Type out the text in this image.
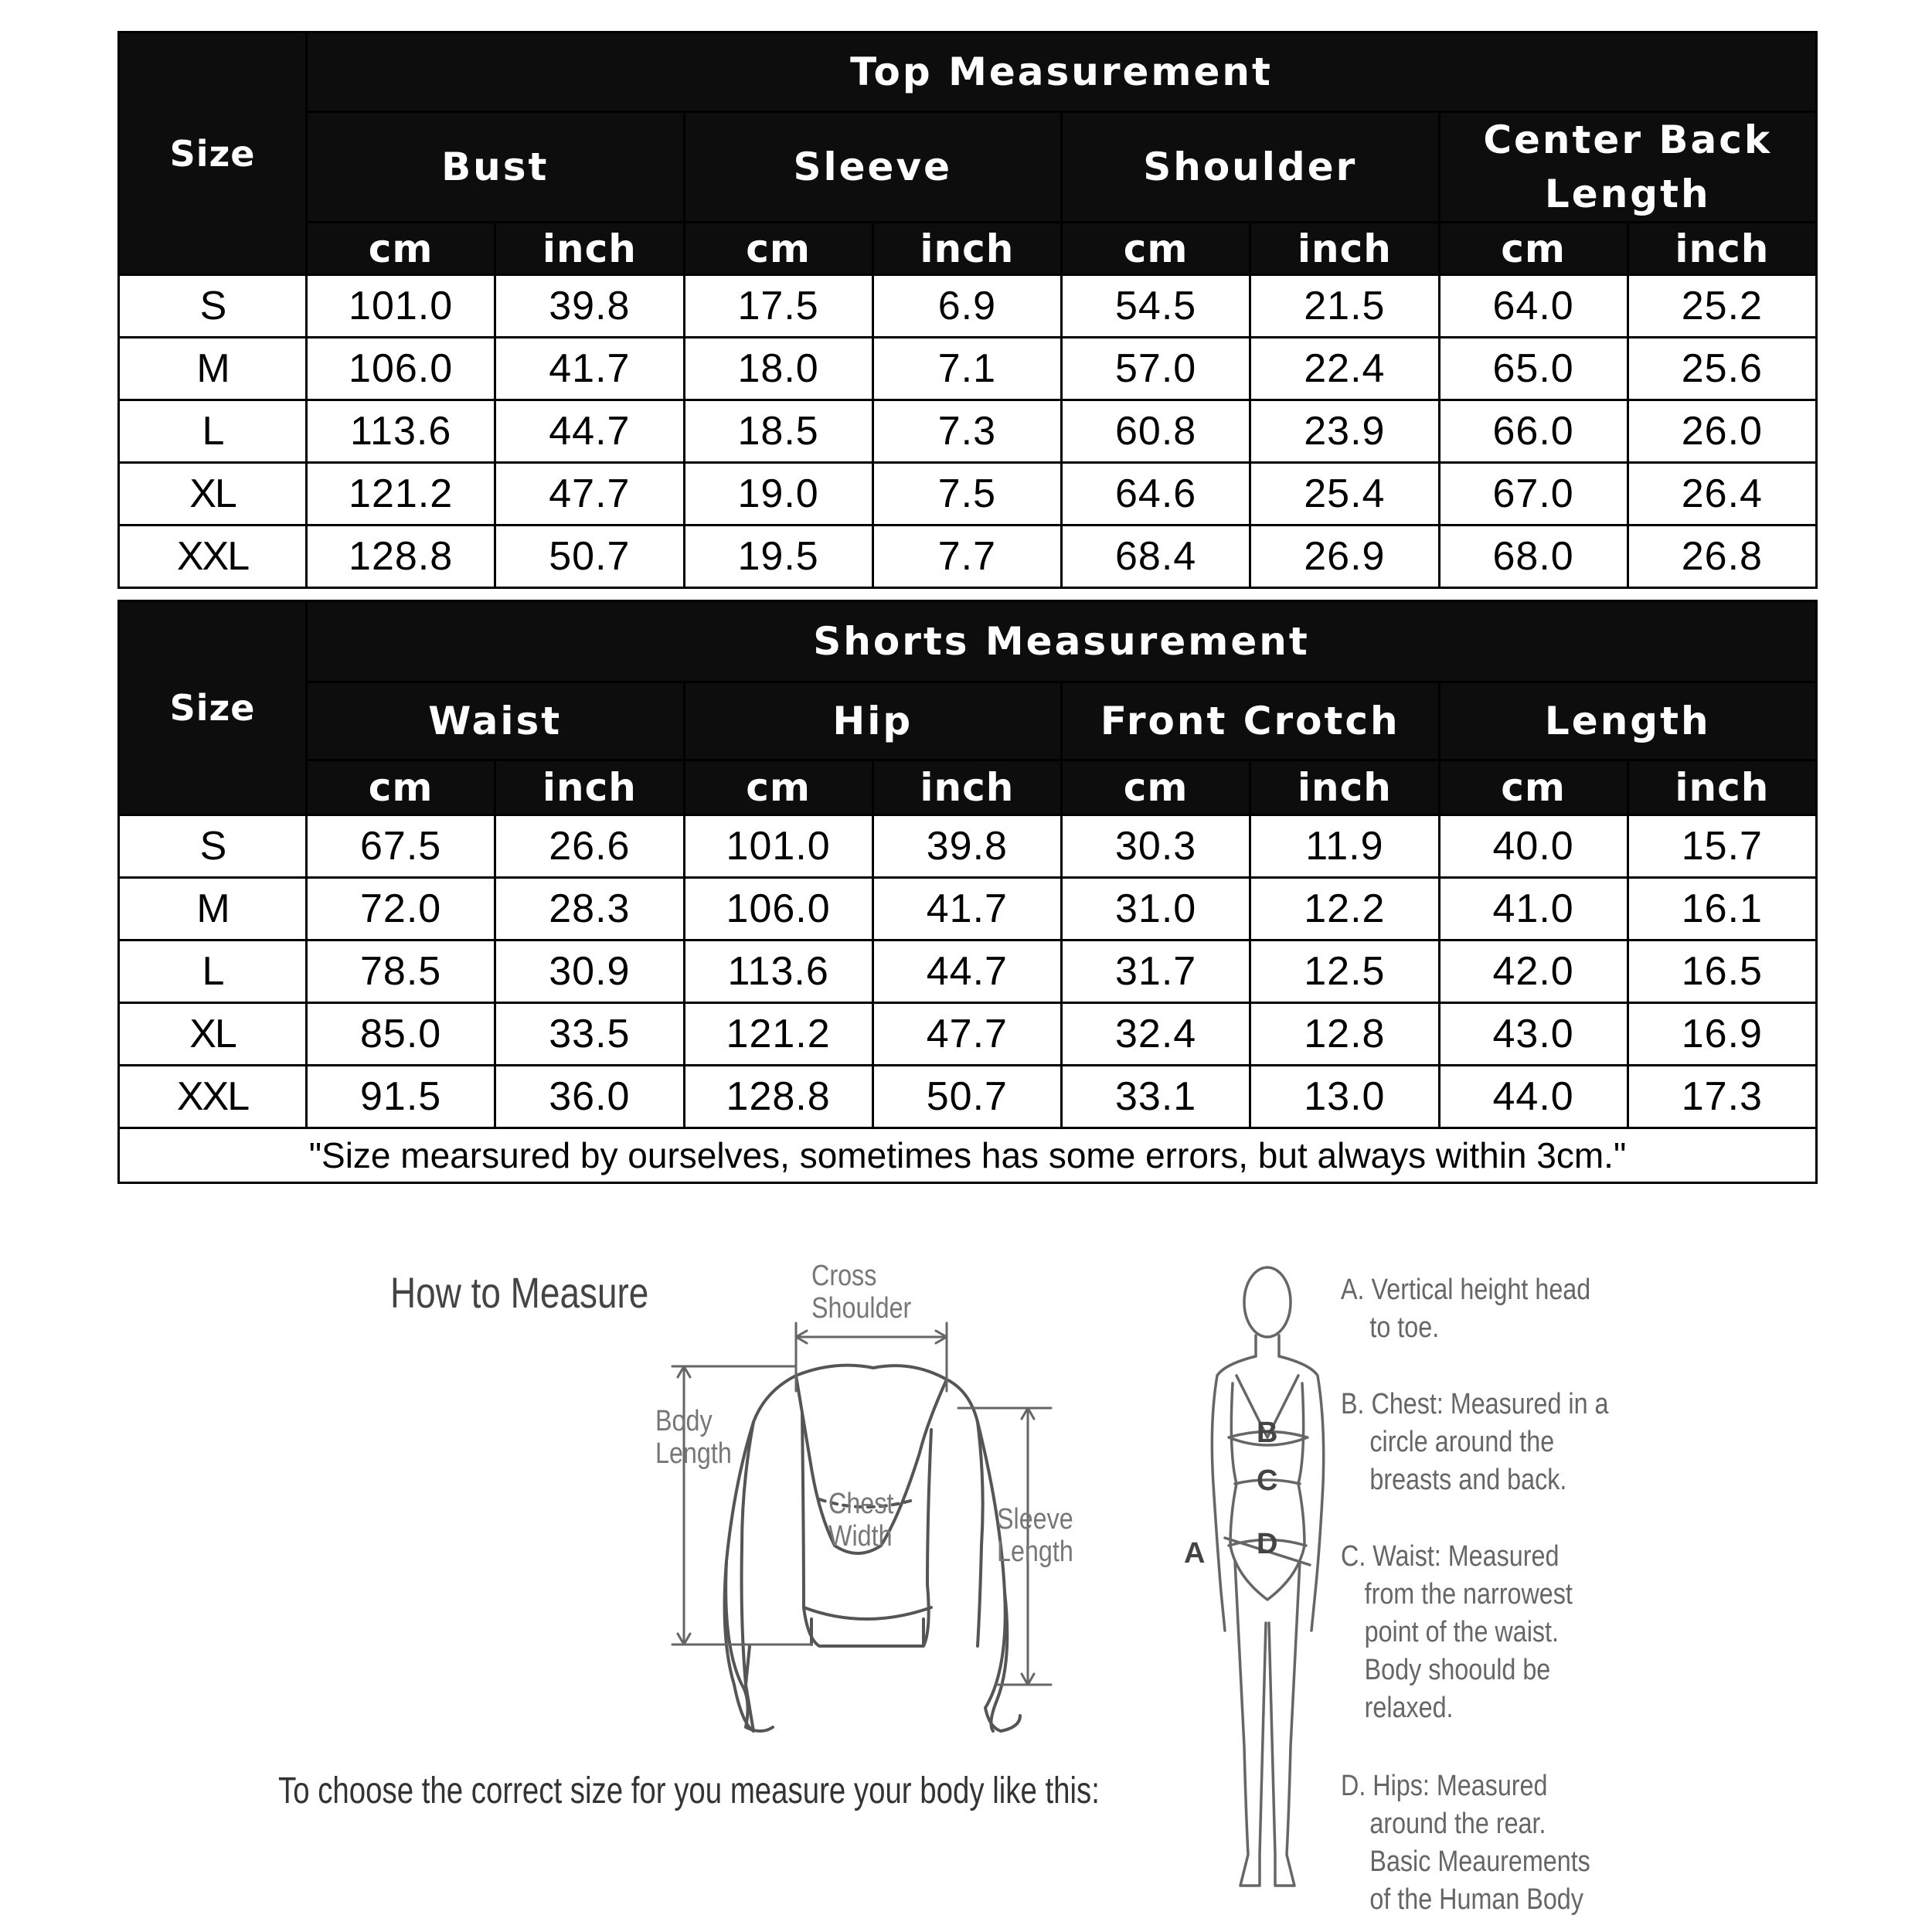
Size	Top Measurement							
	Bust		Sleeve		Shoulder		Center Back Length	
	cm	inch	cm	inch	cm	inch	cm	inch
S	101.0	39.8	17.5	6.9	54.5	21.5	64.0	25.2
M	106.0	41.7	18.0	7.1	57.0	22.4	65.0	25.6
L	113.6	44.7	18.5	7.3	60.8	23.9	66.0	26.0
XL	121.2	47.7	19.0	7.5	64.6	25.4	67.0	26.4
XXL	128.8	50.7	19.5	7.7	68.4	26.9	68.0	26.8
Size	Shorts Measurement							
	Waist		Hip		Front Crotch		Length	
	cm	inch	cm	inch	cm	inch	cm	inch
S	67.5	26.6	101.0	39.8	30.3	11.9	40.0	15.7
M	72.0	28.3	106.0	41.7	31.0	12.2	41.0	16.1
L	78.5	30.9	113.6	44.7	31.7	12.5	42.0	16.5
XL	85.0	33.5	121.2	47.7	32.4	12.8	43.0	16.9
XXL	91.5	36.0	128.8	50.7	33.1	13.0	44.0	17.3
"Size mearsured by ourselves, sometimes has some errors, but always within 3cm."								
How to Measure
To choose the correct size for you measure your body like this:
A
B
C
D
Cross
Shoulder
Body
Length
Chest
Width
Sleeve
Length
A. Vertical height head
to toe.
B. Chest: Measured in a
circle around the
breasts and back.
C. Waist: Measured
from the narrowest
point of the waist.
Body shoould be
relaxed.
D. Hips: Measured
around the rear.
Basic Meaurements
of the Human Body
